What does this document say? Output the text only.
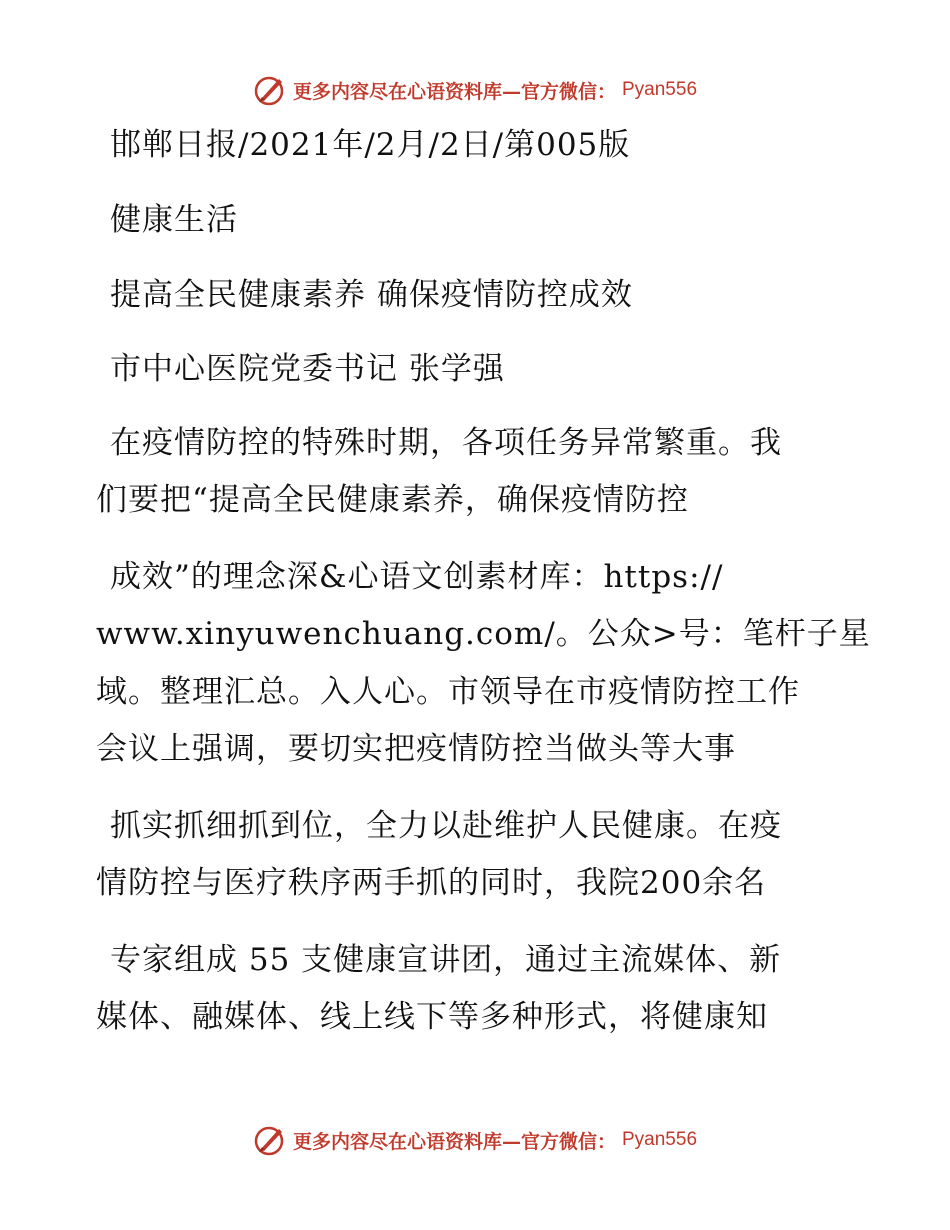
更多内容尽在心语资料库—官方微信： Pyan556
邯郸日报/2021年/2月/2日/第005版
健康生活
提高全民健康素养 确保疫情防控成效
市中心医院党委书记 张学强
在疫情防控的特殊时期，各项任务异常繁重。我
们要把“提高全民健康素养，确保疫情防控
成效”的理念深&心语文创素材库：https://
www.xinyuwenchuang.com/。公众>号：笔杆子星
域。整理汇总。入人心。市领导在市疫情防控工作
会议上强调，要切实把疫情防控当做头等大事
抓实抓细抓到位，全力以赴维护人民健康。在疫
情防控与医疗秩序两手抓的同时，我院200余名
专家组成 55 支健康宣讲团，通过主流媒体、新
媒体、融媒体、线上线下等多种形式，将健康知
更多内容尽在心语资料库—官方微信： Pyan556
